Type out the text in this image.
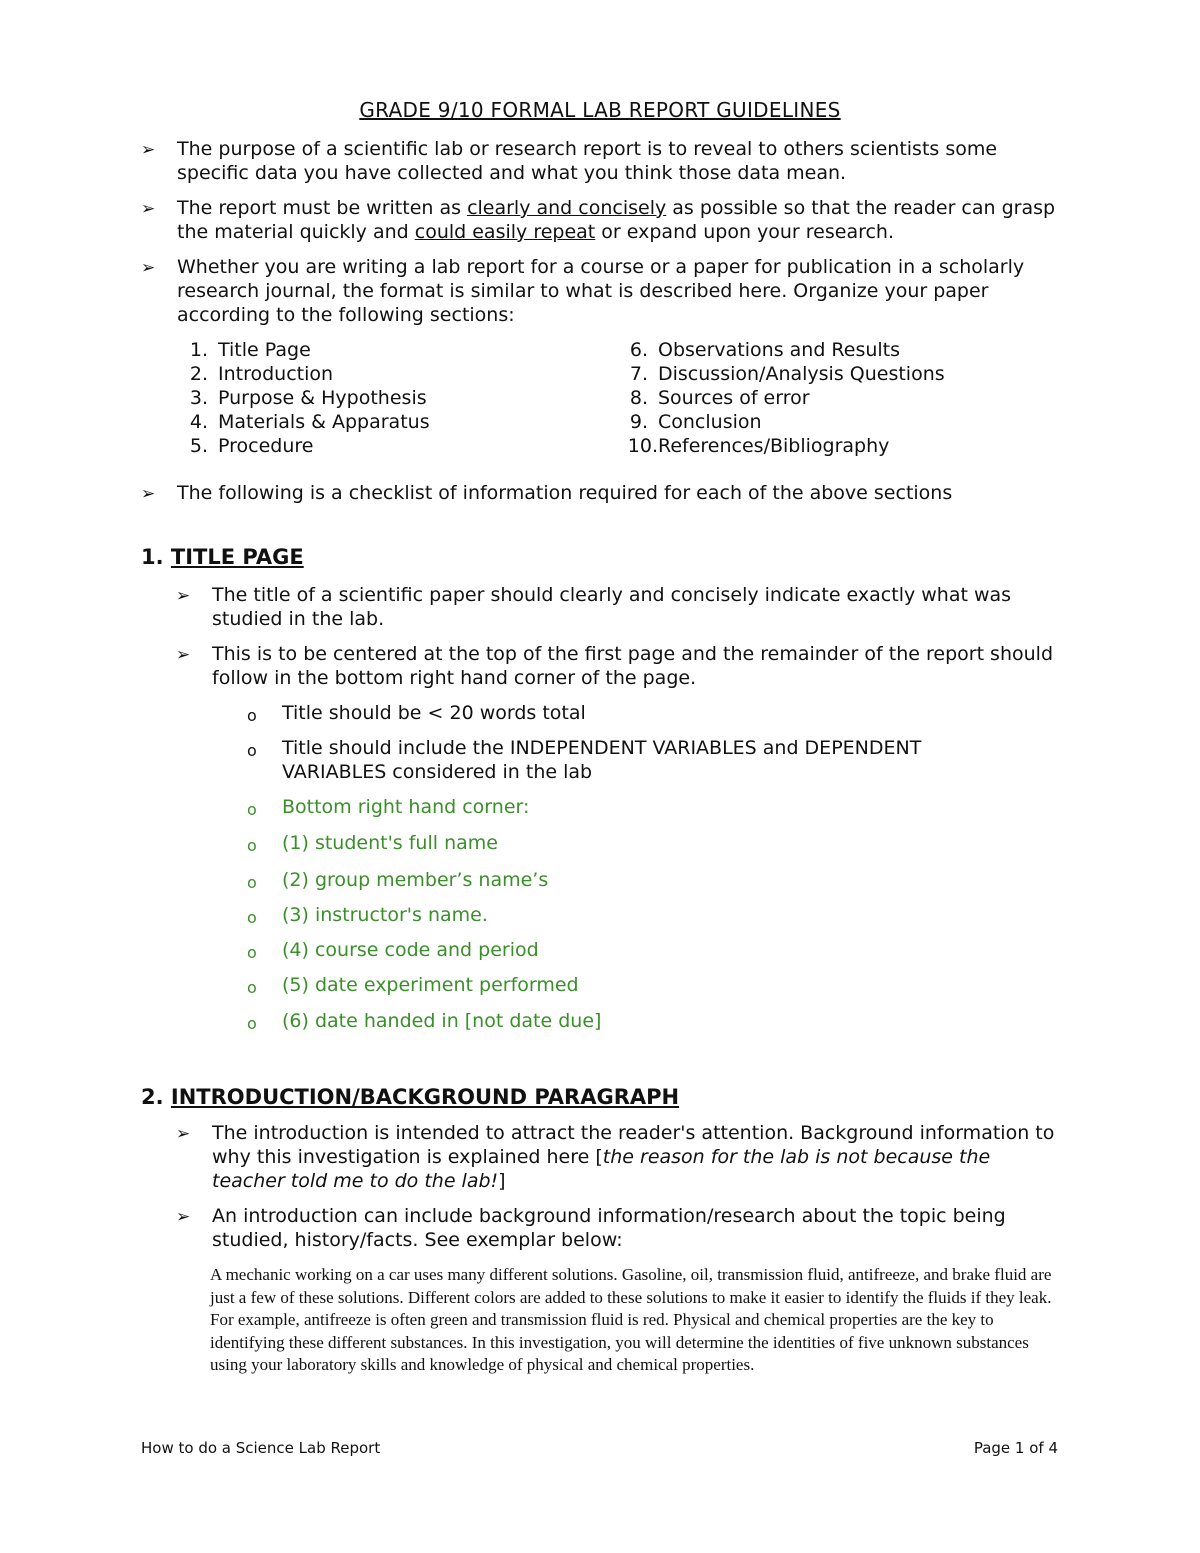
GRADE 9/10 FORMAL LAB REPORT GUIDELINES
➢ The purpose of a scientific lab or research report is to reveal to others scientists some specific data you have collected and what you think those data mean.
➢ The report must be written as clearly and concisely as possible so that the reader can grasp the material quickly and could easily repeat or expand upon your research.
➢ Whether you are writing a lab report for a course or a paper for publication in a scholarly research journal, the format is similar to what is described here. Organize your paper according to the following sections:
1. Title Page
2. Introduction
3. Purpose & Hypothesis
4. Materials & Apparatus
5. Procedure
6. Observations and Results
7. Discussion/Analysis Questions
8. Sources of error
9. Conclusion
10.References/Bibliography
➢ The following is a checklist of information required for each of the above sections
1. TITLE PAGE
➢ The title of a scientific paper should clearly and concisely indicate exactly what was studied in the lab.
➢ This is to be centered at the top of the first page and the remainder of the report should follow in the bottom right hand corner of the page.
o Title should be < 20 words total
o Title should include the INDEPENDENT VARIABLES and DEPENDENT VARIABLES considered in the lab
o Bottom right hand corner:
o (1) student's full name
o (2) group member’s name’s
o (3) instructor's name.
o (4) course code and period
o (5) date experiment performed
o (6) date handed in [not date due]
2. INTRODUCTION/BACKGROUND PARAGRAPH
➢ The introduction is intended to attract the reader's attention. Background information to why this investigation is explained here [the reason for the lab is not because the teacher told me to do the lab!]
➢ An introduction can include background information/research about the topic being studied, history/facts. See exemplar below:
A mechanic working on a car uses many different solutions. Gasoline, oil, transmission fluid, antifreeze, and brake fluid are just a few of these solutions. Different colors are added to these solutions to make it easier to identify the fluids if they leak. For example, antifreeze is often green and transmission fluid is red. Physical and chemical properties are the key to identifying these different substances. In this investigation, you will determine the identities of five unknown substances using your laboratory skills and knowledge of physical and chemical properties.
How to do a Science Lab Report	Page 1 of 4
